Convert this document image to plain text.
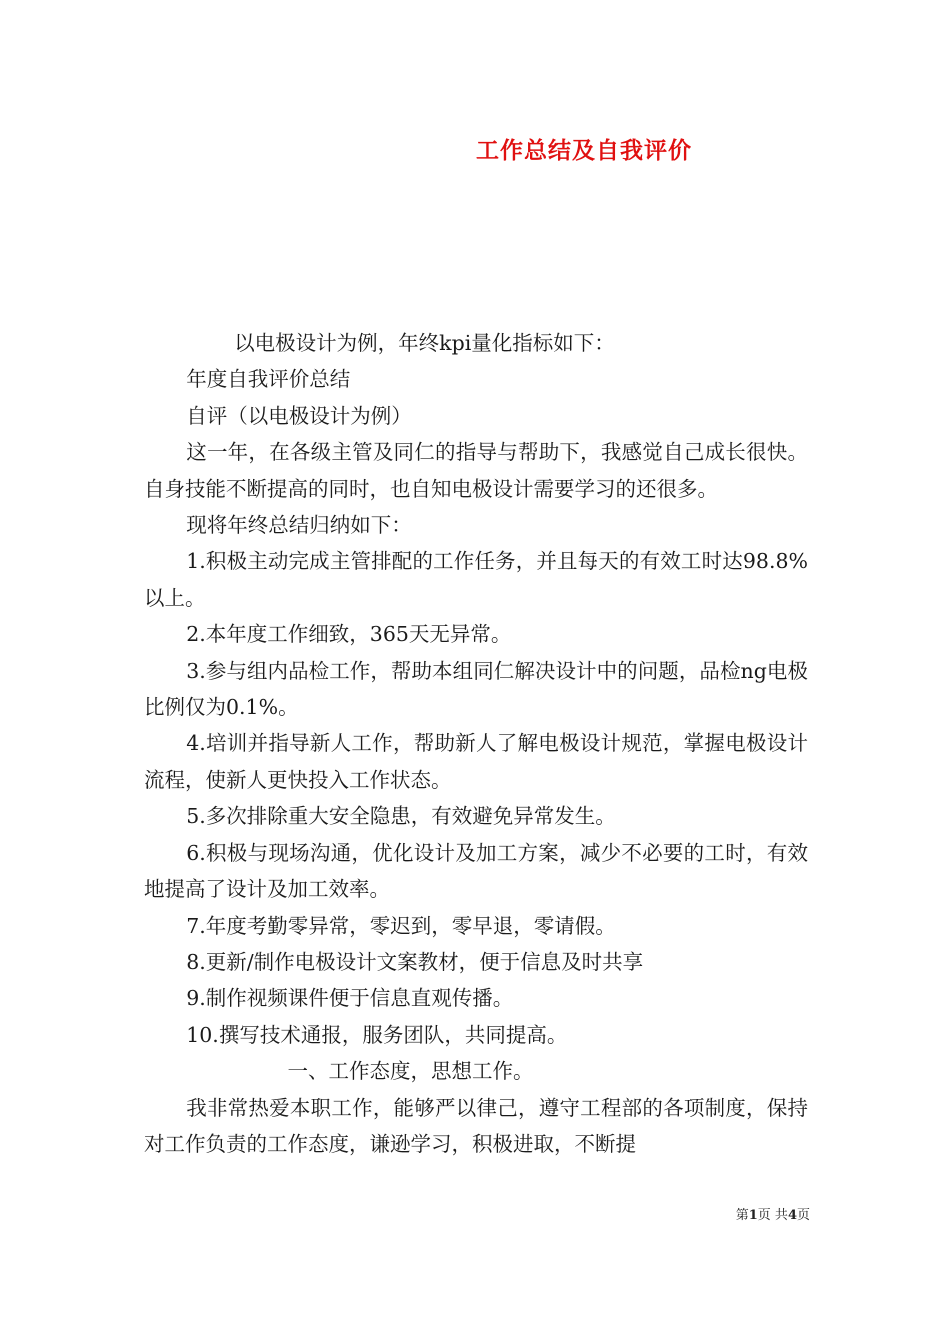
工作总结及自我评价

以电极设计为例，年终kpi量化指标如下：

年度自我评价总结

自评（以电极设计为例）

这一年，在各级主管及同仁的指导与帮助下，我感觉自己成长很快。自身技能不断提高的同时，也自知电极设计需要学习的还很多。

现将年终总结归纳如下：

1.积极主动完成主管排配的工作任务，并且每天的有效工时达98.8%以上。

2.本年度工作细致，365天无异常。

3.参与组内品检工作，帮助本组同仁解决设计中的问题，品检ng电极比例仅为0.1%。

4.培训并指导新人工作，帮助新人了解电极设计规范，掌握电极设计流程，使新人更快投入工作状态。

5.多次排除重大安全隐患，有效避免异常发生。

6.积极与现场沟通，优化设计及加工方案，减少不必要的工时，有效地提高了设计及加工效率。

7.年度考勤零异常，零迟到，零早退，零请假。

8.更新/制作电极设计文案教材，便于信息及时共享

9.制作视频课件便于信息直观传播。

10.撰写技术通报，服务团队，共同提高。

一、工作态度，思想工作。

我非常热爱本职工作，能够严以律己，遵守工程部的各项制度，保持对工作负责的工作态度，谦逊学习，积极进取，不断提

第1页 共4页
